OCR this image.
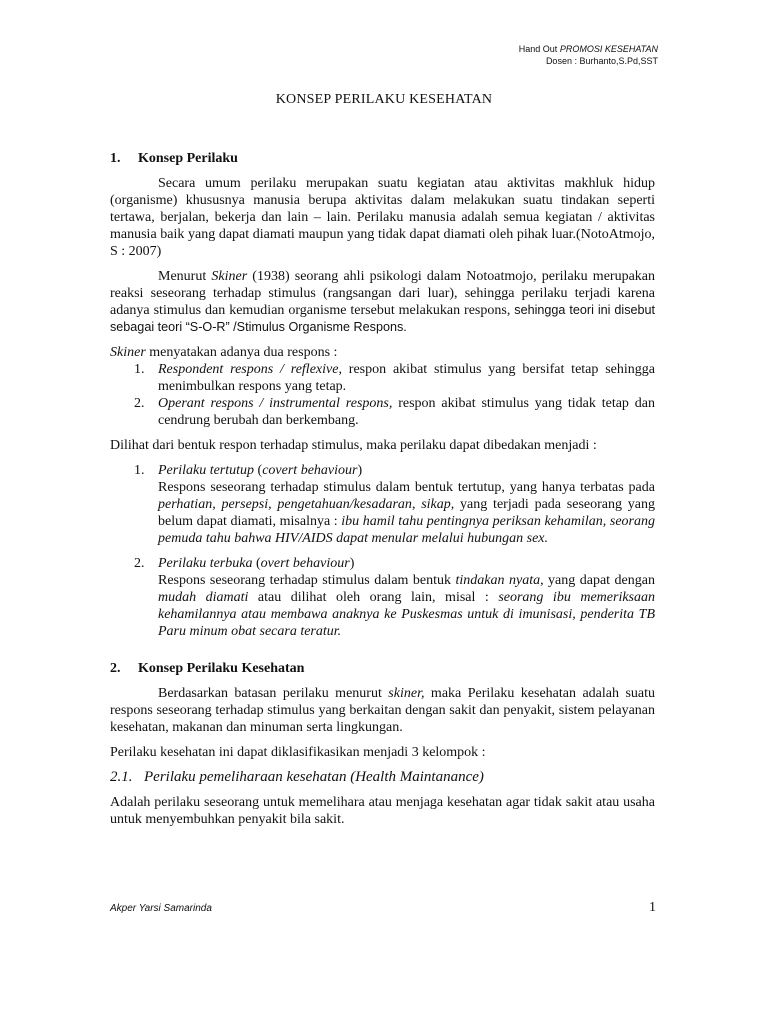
Hand Out PROMOSI KESEHATAN
Dosen : Burhanto,S.Pd,SST
KONSEP PERILAKU KESEHATAN
1. Konsep Perilaku

Secara umum perilaku merupakan suatu kegiatan atau aktivitas makhluk hidup (organisme) khususnya manusia berupa aktivitas dalam melakukan suatu tindakan seperti tertawa, berjalan, bekerja dan lain – lain. Perilaku manusia adalah semua kegiatan / aktivitas manusia baik yang dapat diamati maupun yang tidak dapat diamati oleh pihak luar.(NotoAtmojo, S : 2007)

Menurut Skiner (1938) seorang ahli psikologi dalam Notoatmojo, perilaku merupakan reaksi seseorang terhadap stimulus (rangsangan dari luar), sehingga perilaku terjadi karena adanya stimulus dan kemudian organisme tersebut melakukan respons, sehingga teori ini disebut sebagai teori “S-O-R” /Stimulus Organisme Respons.

Skiner menyatakan adanya dua respons :

1. Respondent respons / reflexive, respon akibat stimulus yang bersifat tetap sehingga menimbulkan respons yang tetap.
2. Operant respons / instrumental respons, respon akibat stimulus yang tidak tetap dan cendrung berubah dan berkembang.

Dilihat dari bentuk respon terhadap stimulus, maka perilaku dapat dibedakan menjadi :

1. Perilaku tertutup (covert behaviour)
Respons seseorang terhadap stimulus dalam bentuk tertutup, yang hanya terbatas pada perhatian, persepsi, pengetahuan/kesadaran, sikap, yang terjadi pada seseorang yang belum dapat diamati, misalnya : ibu hamil tahu pentingnya periksan kehamilan, seorang pemuda tahu bahwa HIV/AIDS dapat menular melalui hubungan sex.
2. Perilaku terbuka (overt behaviour)
Respons seseorang terhadap stimulus dalam bentuk tindakan nyata, yang dapat dengan mudah diamati atau dilihat oleh orang lain, misal : seorang ibu memeriksaan kehamilannya atau membawa anaknya ke Puskesmas untuk di imunisasi, penderita TB Paru minum obat secara teratur.
2. Konsep Perilaku Kesehatan

Berdasarkan batasan perilaku menurut skiner, maka Perilaku kesehatan adalah suatu respons seseorang terhadap stimulus yang berkaitan dengan sakit dan penyakit, sistem pelayanan kesehatan, makanan dan minuman serta lingkungan.

Perilaku kesehatan ini dapat diklasifikasikan menjadi 3 kelompok :

2.1. Perilaku pemeliharaan kesehatan (Health Maintanance)

Adalah perilaku seseorang untuk memelihara atau menjaga kesehatan agar tidak sakit atau usaha untuk menyembuhkan penyakit bila sakit.

Akper Yarsi Samarinda	1
